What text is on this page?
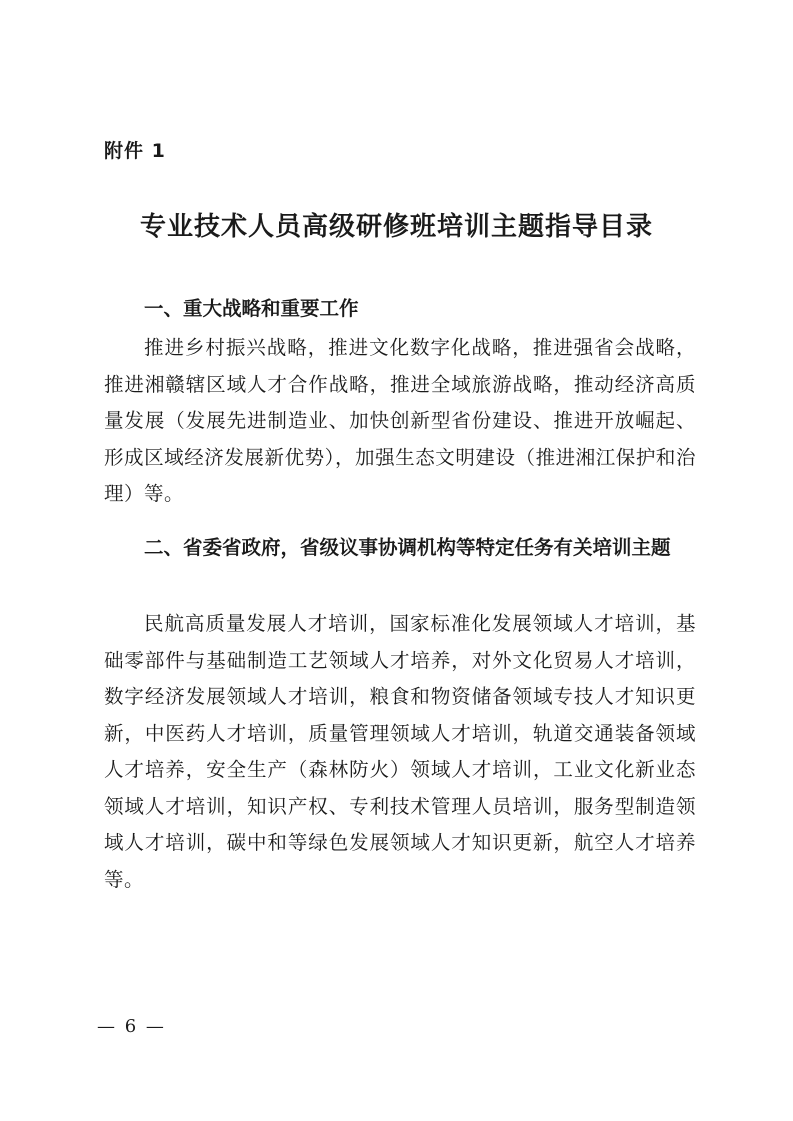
附件 1
专业技术人员高级研修班培训主题指导目录
一、重大战略和重要工作
推进乡村振兴战略，推进文化数字化战略，推进强省会战略，推进湘赣辖区域人才合作战略，推进全域旅游战略，推动经济高质量发展（发展先进制造业、加快创新型省份建设、推进开放崛起、形成区域经济发展新优势），加强生态文明建设（推进湘江保护和治理）等。
二、省委省政府，省级议事协调机构等特定任务有关培训主题
民航高质量发展人才培训，国家标准化发展领域人才培训，基础零部件与基础制造工艺领域人才培养，对外文化贸易人才培训，数字经济发展领域人才培训，粮食和物资储备领域专技人才知识更新，中医药人才培训，质量管理领域人才培训，轨道交通装备领域人才培养，安全生产（森林防火）领域人才培训，工业文化新业态领域人才培训，知识产权、专利技术管理人员培训，服务型制造领域人才培训，碳中和等绿色发展领域人才知识更新，航空人才培养等。
— 6 —
